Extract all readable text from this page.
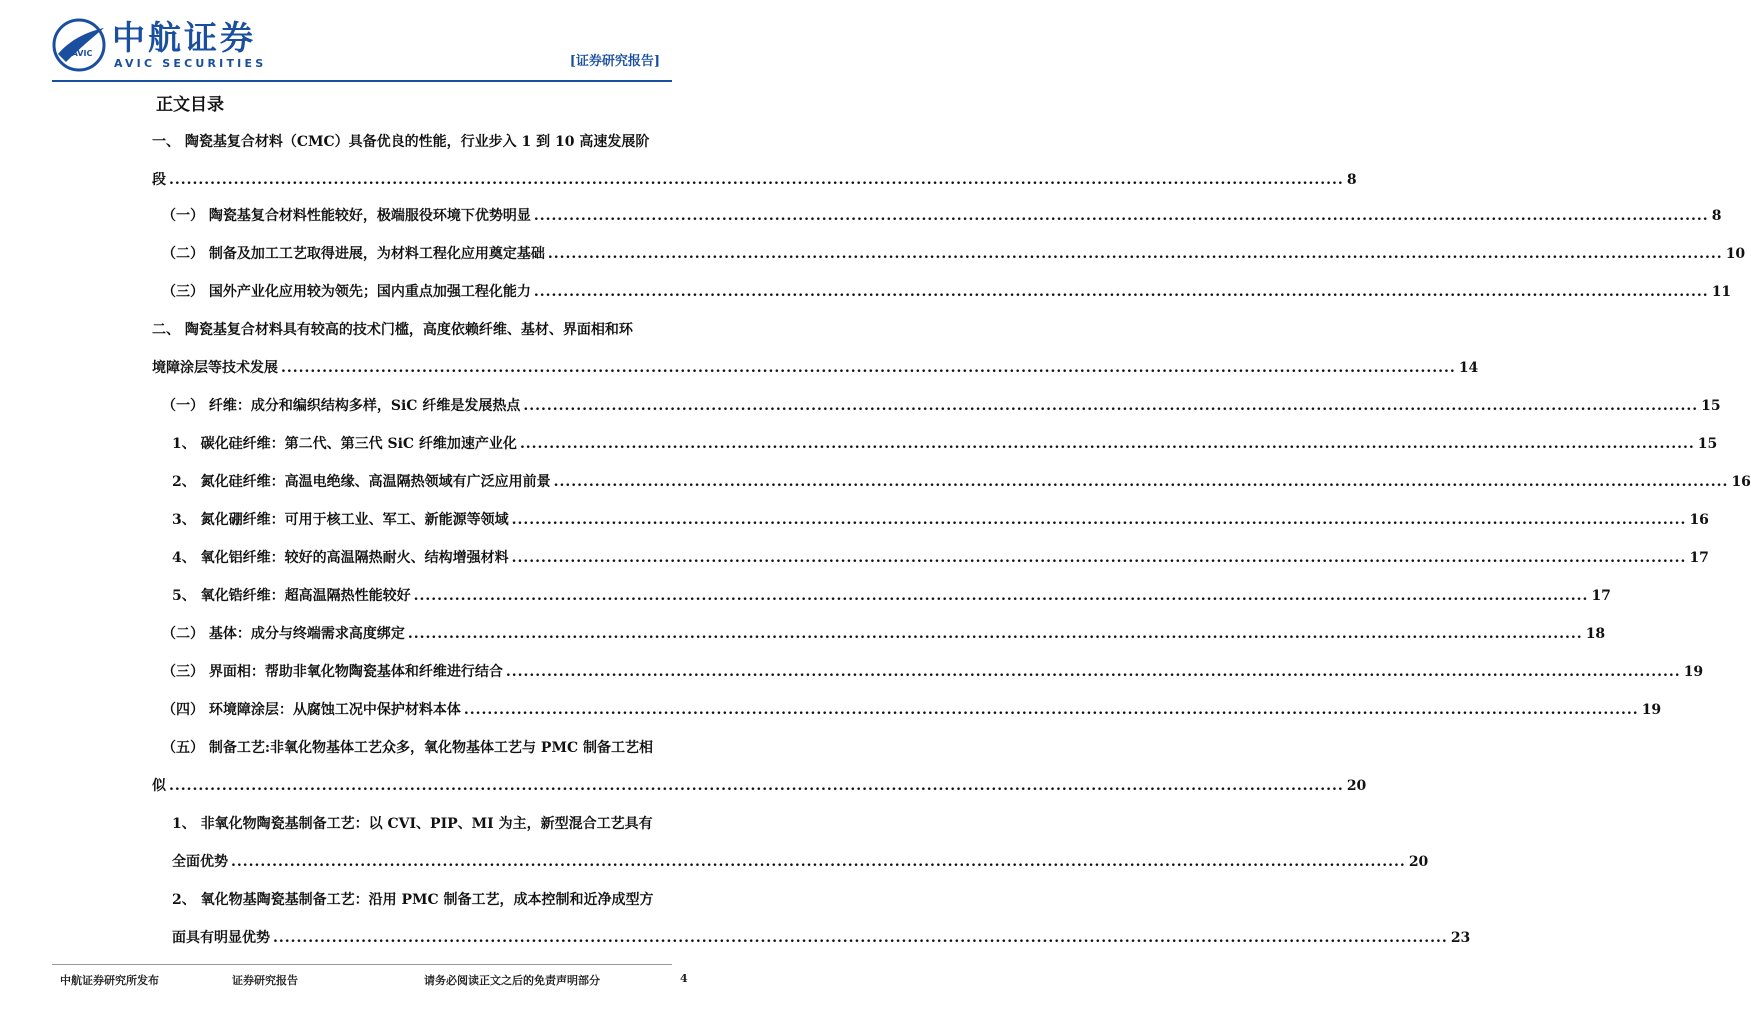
AVIC 中航证券
AVIC SECURITIES	[证券研究报告]
正文目录
一、 陶瓷基复合材料（CMC）具备优良的性能，行业步入 1 到 10 高速发展阶
段 ........................................................................................................................................................................................................ 8
（一） 陶瓷基复合材料性能较好，极端服役环境下优势明显 ........................................................................................................................................................................................................ 8
（二） 制备及加工工艺取得进展，为材料工程化应用奠定基础 ........................................................................................................................................................................................................ 10
（三） 国外产业化应用较为领先；国内重点加强工程化能力 ........................................................................................................................................................................................................ 11
二、 陶瓷基复合材料具有较高的技术门槛，高度依赖纤维、基材、界面相和环
境障涂层等技术发展 ........................................................................................................................................................................................................ 14
（一） 纤维：成分和编织结构多样，SiC 纤维是发展热点 ........................................................................................................................................................................................................ 15
1、 碳化硅纤维：第二代、第三代 SiC 纤维加速产业化 ........................................................................................................................................................................................................ 15
2、 氮化硅纤维：高温电绝缘、高温隔热领域有广泛应用前景 ........................................................................................................................................................................................................ 16
3、 氮化硼纤维：可用于核工业、军工、新能源等领域 ........................................................................................................................................................................................................ 16
4、 氧化铝纤维：较好的高温隔热耐火、结构增强材料 ........................................................................................................................................................................................................ 17
5、 氧化锆纤维：超高温隔热性能较好 ........................................................................................................................................................................................................ 17
（二） 基体：成分与终端需求高度绑定 ........................................................................................................................................................................................................ 18
（三） 界面相：帮助非氧化物陶瓷基体和纤维进行结合 ........................................................................................................................................................................................................ 19
（四） 环境障涂层：从腐蚀工况中保护材料本体 ........................................................................................................................................................................................................ 19
（五） 制备工艺:非氧化物基体工艺众多，氧化物基体工艺与 PMC 制备工艺相
似 ........................................................................................................................................................................................................ 20
1、 非氧化物陶瓷基制备工艺：以 CVI、PIP、MI 为主，新型混合工艺具有
全面优势 ........................................................................................................................................................................................................ 20
2、 氧化物基陶瓷基制备工艺：沿用 PMC 制备工艺，成本控制和近净成型方
面具有明显优势 ........................................................................................................................................................................................................ 23
中航证券研究所发布	证券研究报告	请务必阅读正文之后的免责声明部分	4
